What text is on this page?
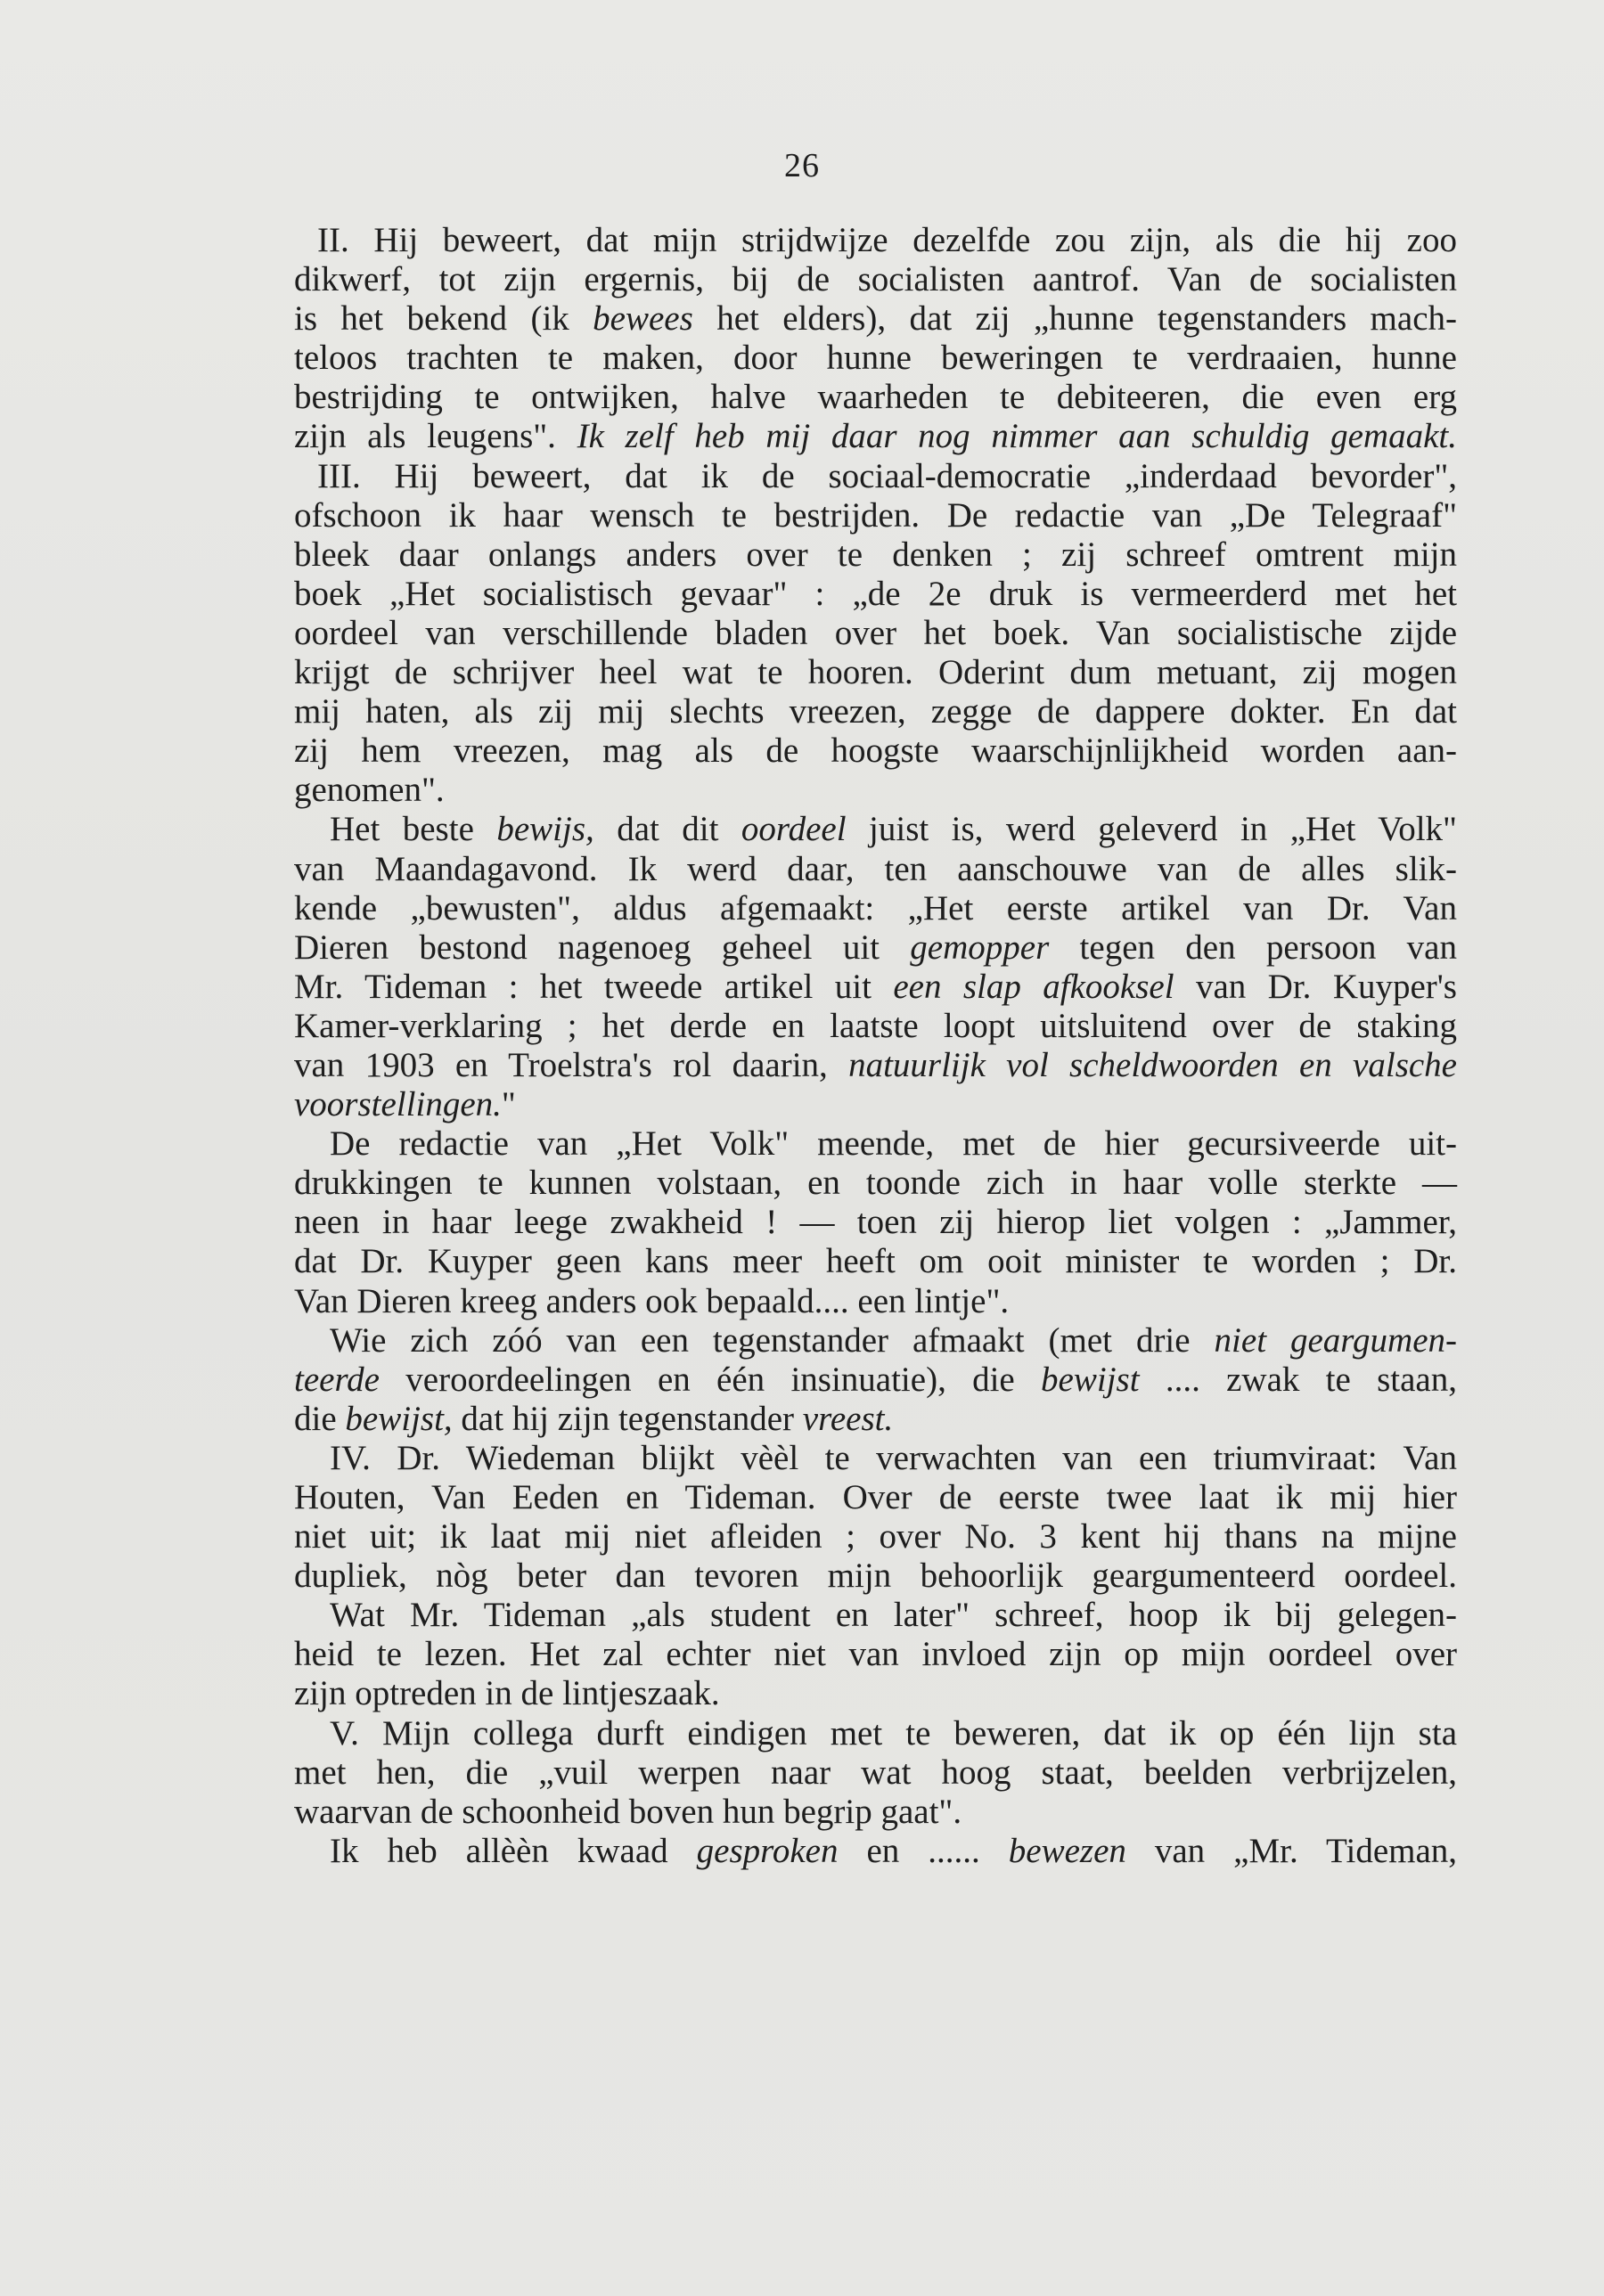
26
II. Hij beweert, dat mijn strijdwijze dezelfde zou zijn, als die hij zoo
dikwerf, tot zijn ergernis, bij de socialisten aantrof. Van de socialisten
is het bekend (ik bewees het elders), dat zij „hunne tegenstanders mach-
teloos trachten te maken, door hunne beweringen te verdraaien, hunne
bestrijding te ontwijken, halve waarheden te debiteeren, die even erg
zijn als leugens". Ik zelf heb mij daar nog nimmer aan schuldig gemaakt.
III. Hij beweert, dat ik de sociaal-democratie „inderdaad bevorder",
ofschoon ik haar wensch te bestrijden. De redactie van „De Telegraaf"
bleek daar onlangs anders over te denken ; zij schreef omtrent mijn
boek „Het socialistisch gevaar" : „de 2e druk is vermeerderd met het
oordeel van verschillende bladen over het boek. Van socialistische zijde
krijgt de schrijver heel wat te hooren. Oderint dum metuant, zij mogen
mij haten, als zij mij slechts vreezen, zegge de dappere dokter. En dat
zij hem vreezen, mag als de hoogste waarschijnlijkheid worden aan-
genomen".
Het beste bewijs, dat dit oordeel juist is, werd geleverd in „Het Volk"
van Maandagavond. Ik werd daar, ten aanschouwe van de alles slik-
kende „bewusten", aldus afgemaakt: „Het eerste artikel van Dr. Van
Dieren bestond nagenoeg geheel uit gemopper tegen den persoon van
Mr. Tideman : het tweede artikel uit een slap afkooksel van Dr. Kuyper's
Kamer-verklaring ; het derde en laatste loopt uitsluitend over de staking
van 1903 en Troelstra's rol daarin, natuurlijk vol scheldwoorden en valsche
voorstellingen."
De redactie van „Het Volk" meende, met de hier gecursiveerde uit-
drukkingen te kunnen volstaan, en toonde zich in haar volle sterkte —
neen in haar leege zwakheid ! — toen zij hierop liet volgen : „Jammer,
dat Dr. Kuyper geen kans meer heeft om ooit minister te worden ; Dr.
Van Dieren kreeg anders ook bepaald.... een lintje".
Wie zich zóó van een tegenstander afmaakt (met drie niet geargumen-
teerde veroordeelingen en één insinuatie), die bewijst .... zwak te staan,
die bewijst, dat hij zijn tegenstander vreest.
IV. Dr. Wiedeman blijkt vèèl te verwachten van een triumviraat: Van
Houten, Van Eeden en Tideman. Over de eerste twee laat ik mij hier
niet uit; ik laat mij niet afleiden ; over No. 3 kent hij thans na mijne
dupliek, nòg beter dan tevoren mijn behoorlijk geargumenteerd oordeel.
Wat Mr. Tideman „als student en later" schreef, hoop ik bij gelegen-
heid te lezen. Het zal echter niet van invloed zijn op mijn oordeel over
zijn optreden in de lintjeszaak.
V. Mijn collega durft eindigen met te beweren, dat ik op één lijn sta
met hen, die „vuil werpen naar wat hoog staat, beelden verbrijzelen,
waarvan de schoonheid boven hun begrip gaat".
Ik heb allèèn kwaad gesproken en ...... bewezen van „Mr. Tideman,
